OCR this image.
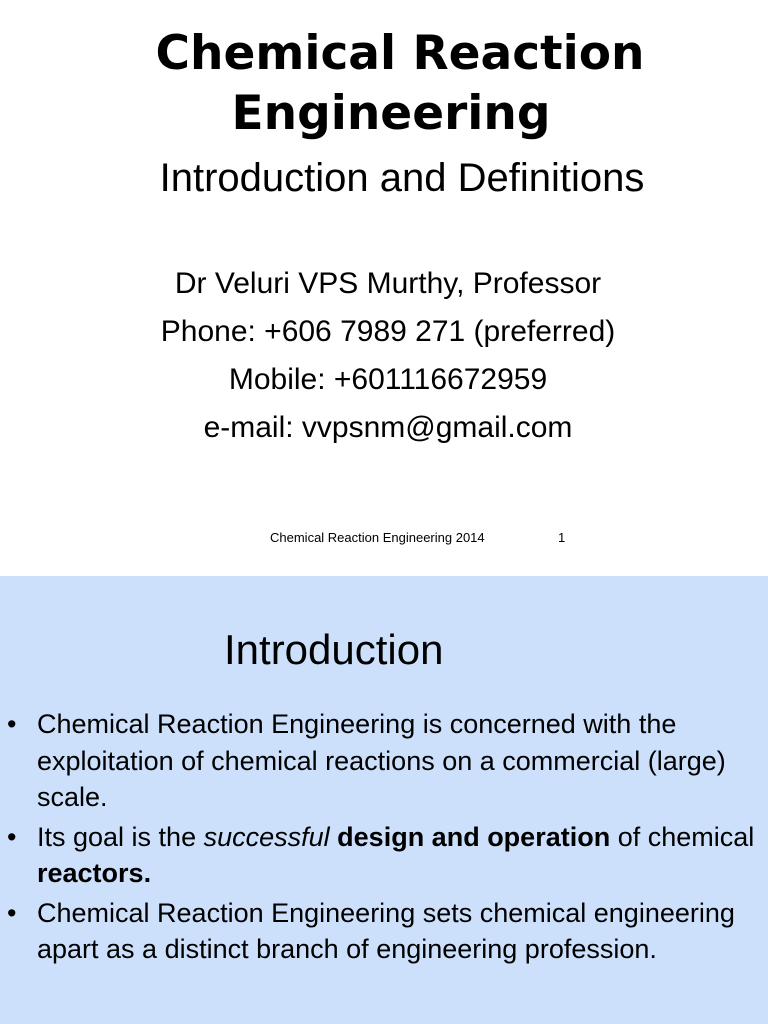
Chemical Reaction
Engineering
Introduction and Definitions
Dr Veluri VPS Murthy, Professor
Phone: +606 7989 271 (preferred)
Mobile: +601116672959
e-mail: vvpsnm@gmail.com
Chemical Reaction Engineering 2014	1
Introduction
• Chemical Reaction Engineering is concerned with the exploitation of chemical reactions on a commercial (large) scale.
• Its goal is the successful design and operation of chemical reactors.
• Chemical Reaction Engineering sets chemical engineering apart as a distinct branch of engineering profession.
